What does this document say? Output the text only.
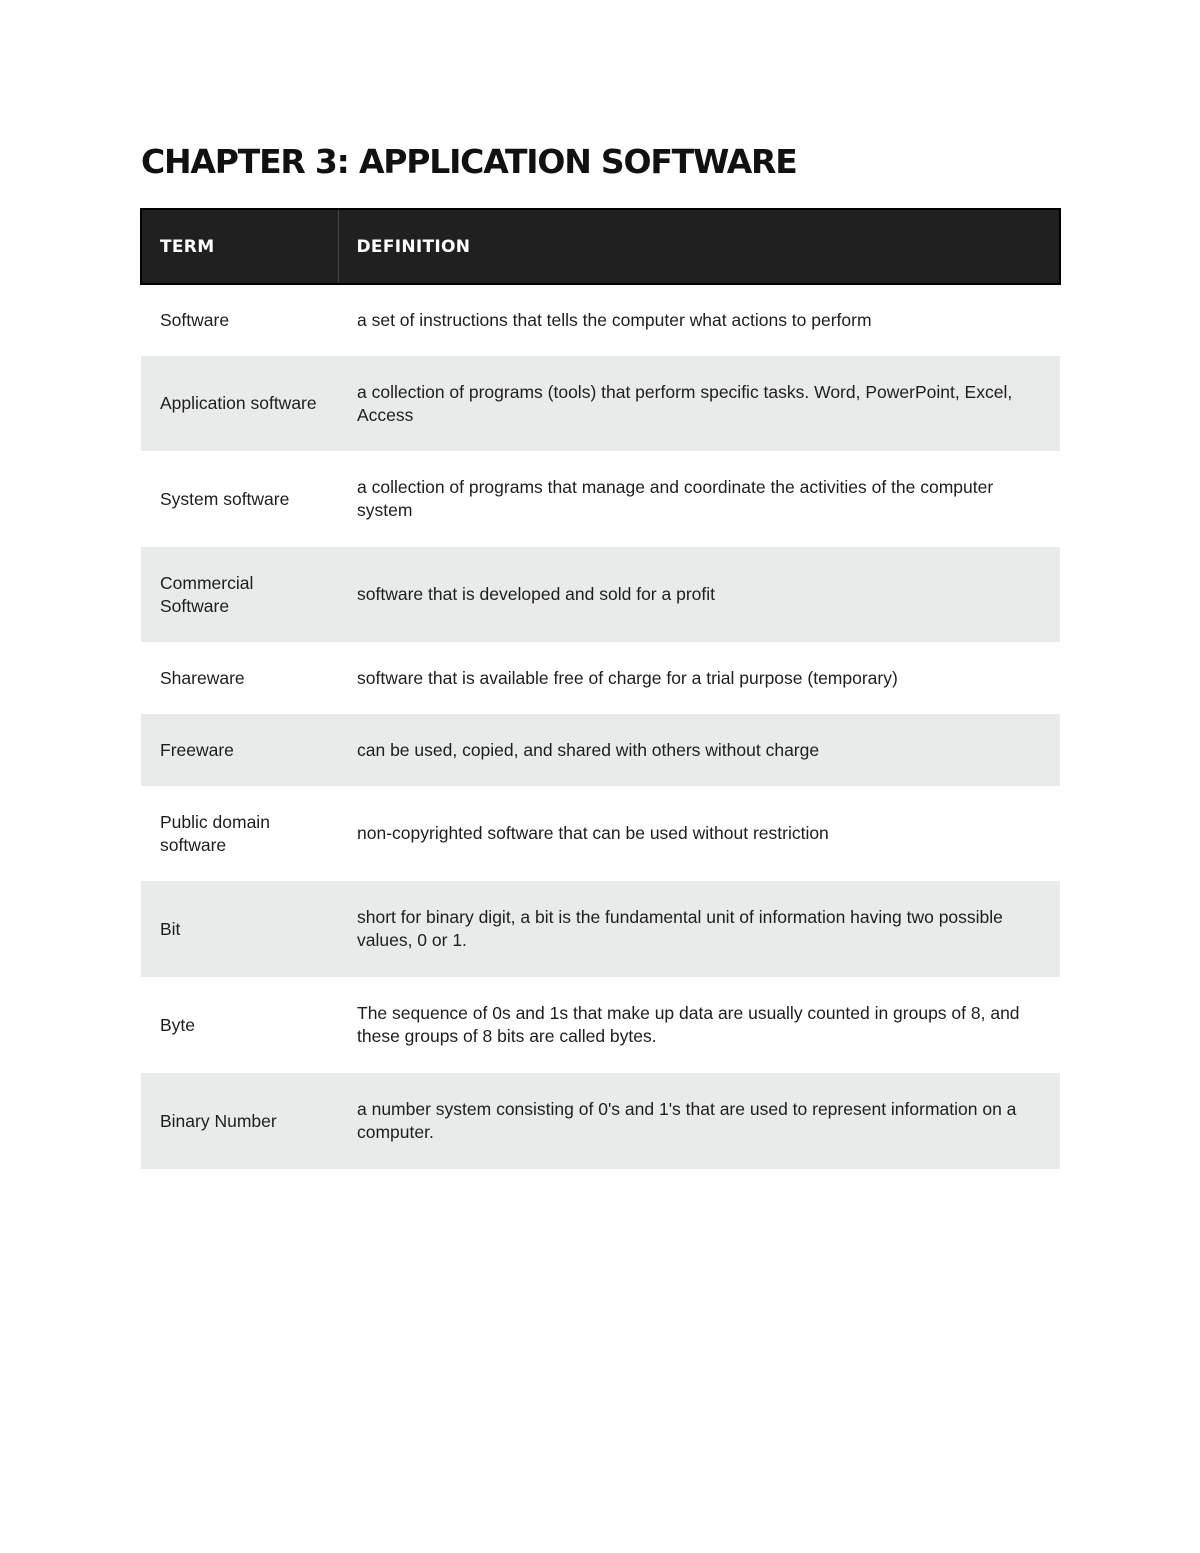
CHAPTER 3: APPLICATION SOFTWARE
TERM	DEFINITION
Software	a set of instructions that tells the computer what actions to perform
Application software	a collection of programs (tools) that perform specific tasks. Word, PowerPoint, Excel, Access
System software	a collection of programs that manage and coordinate the activities of the computer system
Commercial Software	software that is developed and sold for a profit
Shareware	software that is available free of charge for a trial purpose (temporary)
Freeware	can be used, copied, and shared with others without charge
Public domain software	non-copyrighted software that can be used without restriction
Bit	short for binary digit, a bit is the fundamental unit of information having two possible values, 0 or 1.
Byte	The sequence of 0s and 1s that make up data are usually counted in groups of 8, and these groups of 8 bits are called bytes.
Binary Number	a number system consisting of 0's and 1's that are used to represent information on a computer.
